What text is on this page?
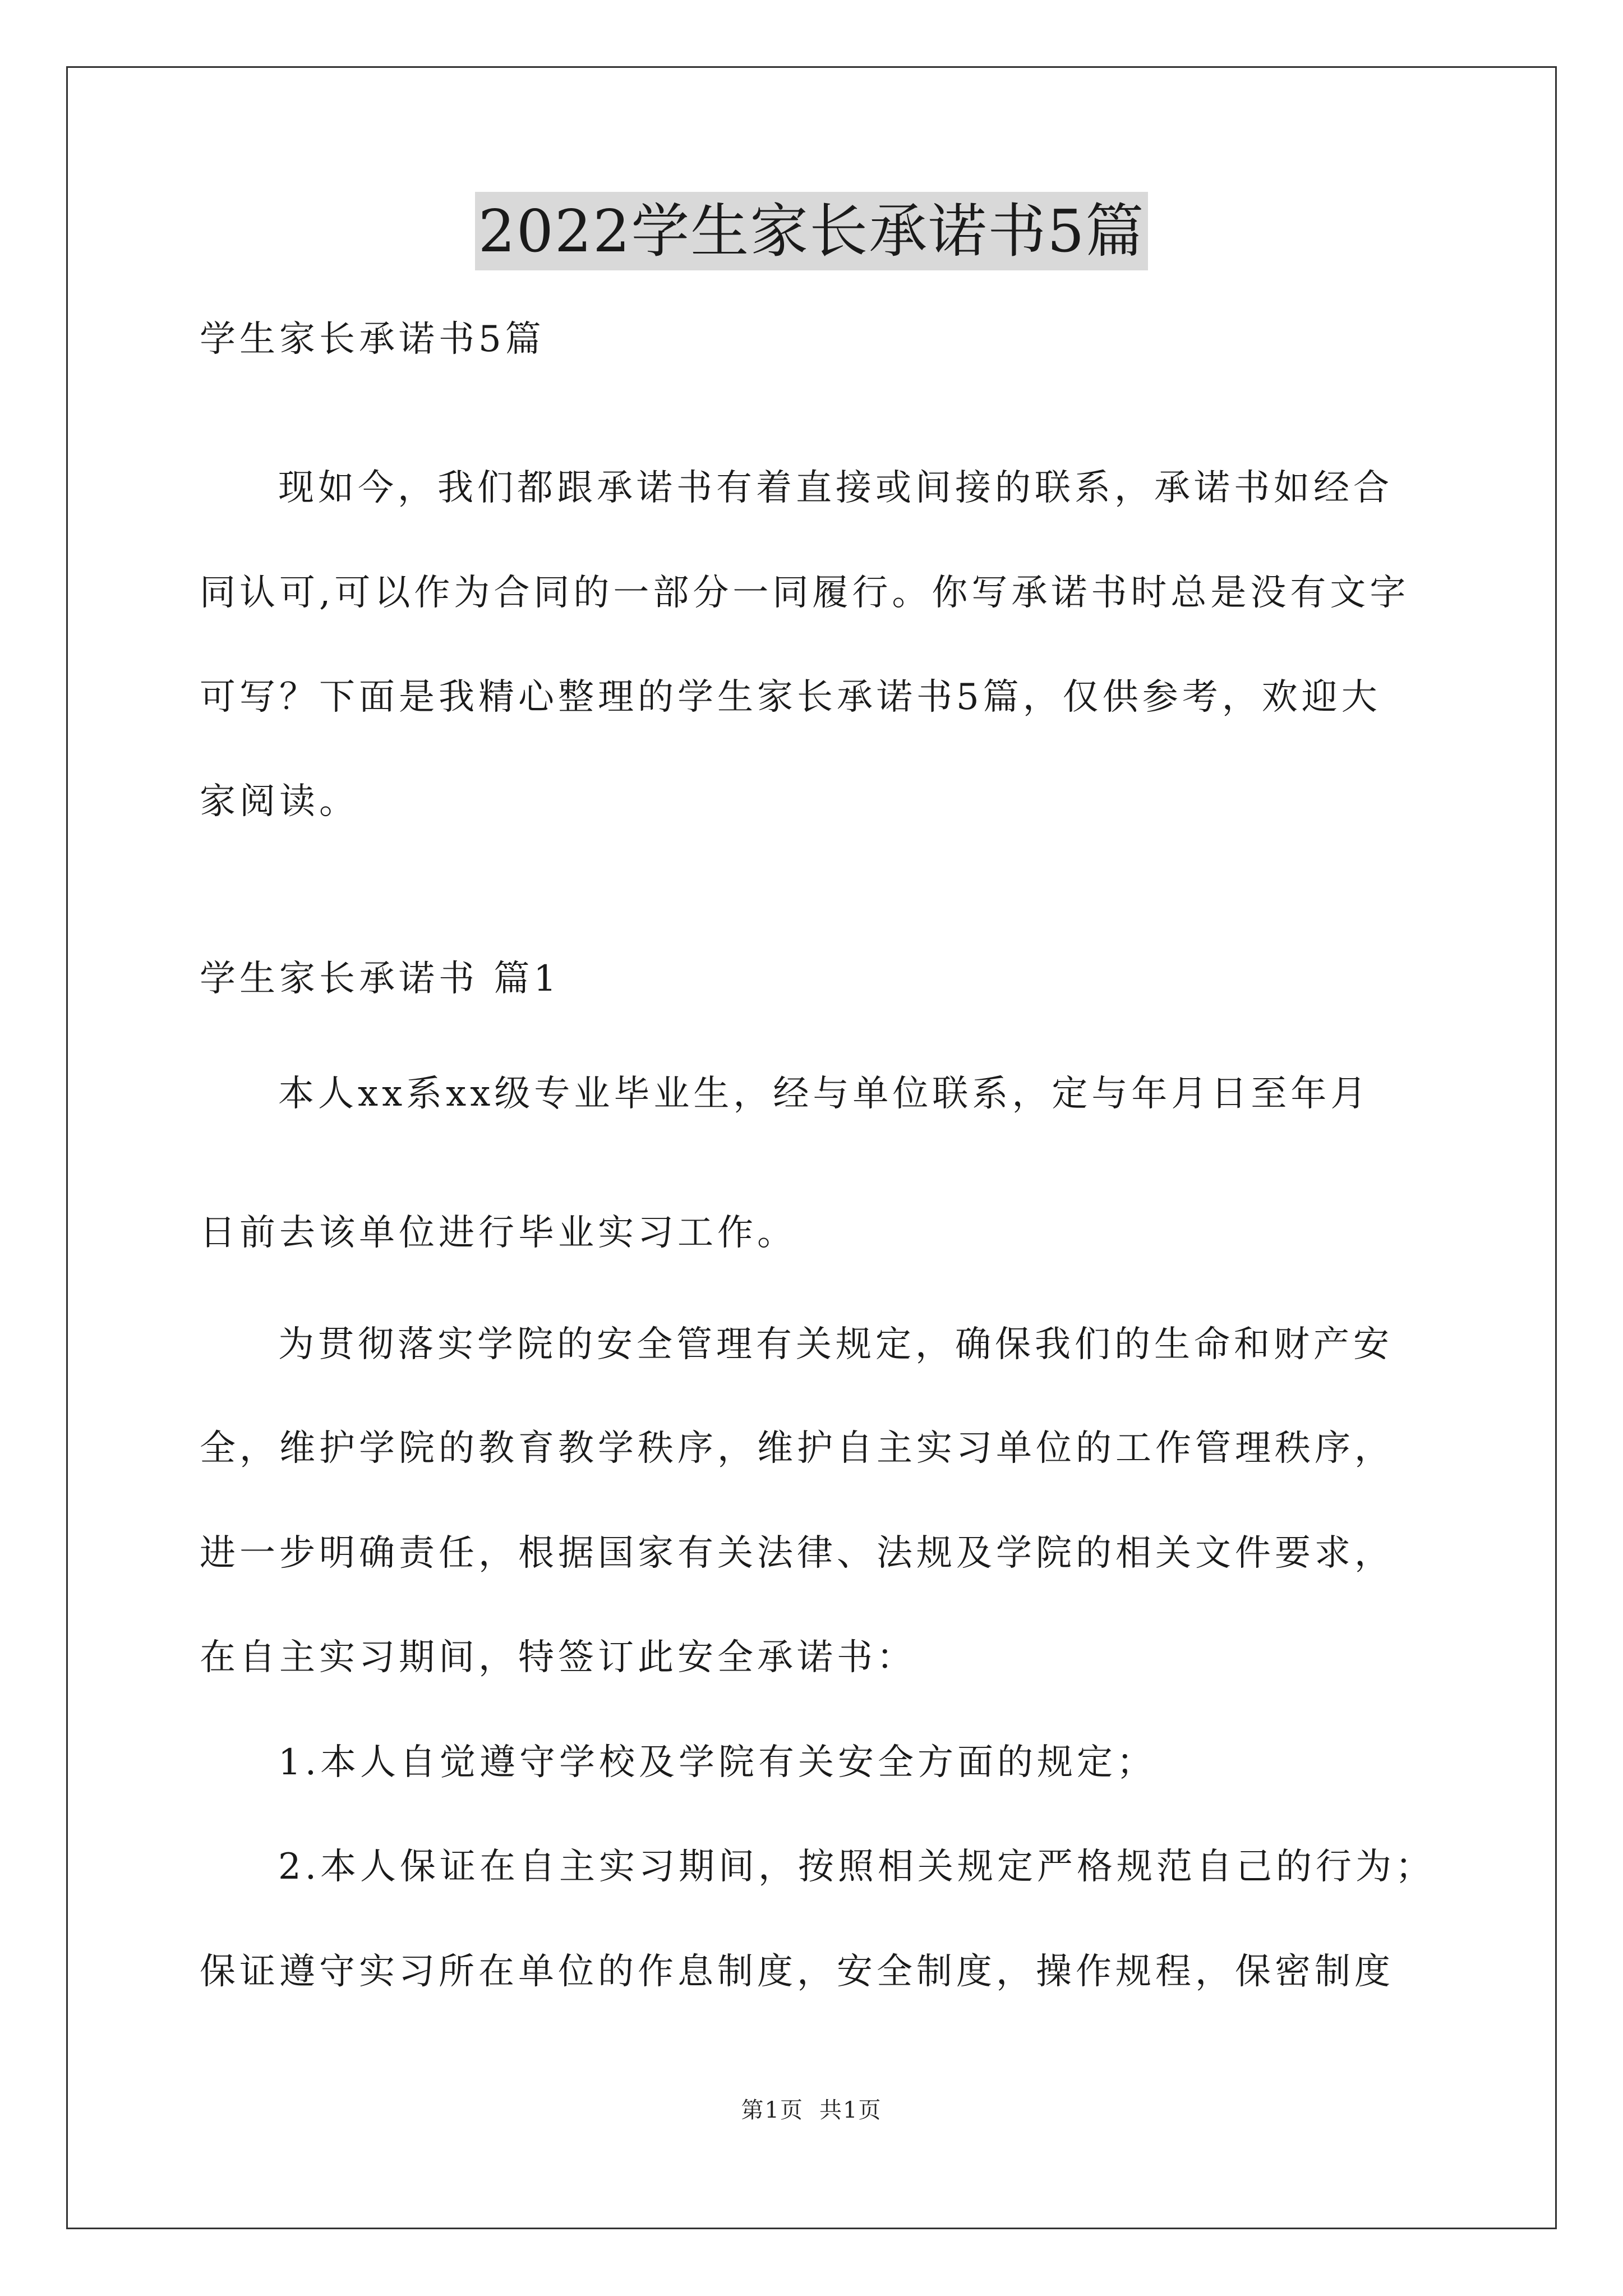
2022学生家长承诺书5篇
学生家长承诺书5篇
现如今，我们都跟承诺书有着直接或间接的联系，承诺书如经合
同认可,可以作为合同的一部分一同履行。你写承诺书时总是没有文字
可写？下面是我精心整理的学生家长承诺书5篇，仅供参考，欢迎大
家阅读。
学生家长承诺书 篇1
本人xx系xx级专业毕业生，经与单位联系，定与年月日至年月
日前去该单位进行毕业实习工作。
为贯彻落实学院的安全管理有关规定，确保我们的生命和财产安
全，维护学院的教育教学秩序，维护自主实习单位的工作管理秩序，
进一步明确责任，根据国家有关法律、法规及学院的相关文件要求，
在自主实习期间，特签订此安全承诺书：
1.本人自觉遵守学校及学院有关安全方面的规定；
2.本人保证在自主实习期间，按照相关规定严格规范自己的行为；
保证遵守实习所在单位的作息制度，安全制度，操作规程，保密制度
第1页 共1页
